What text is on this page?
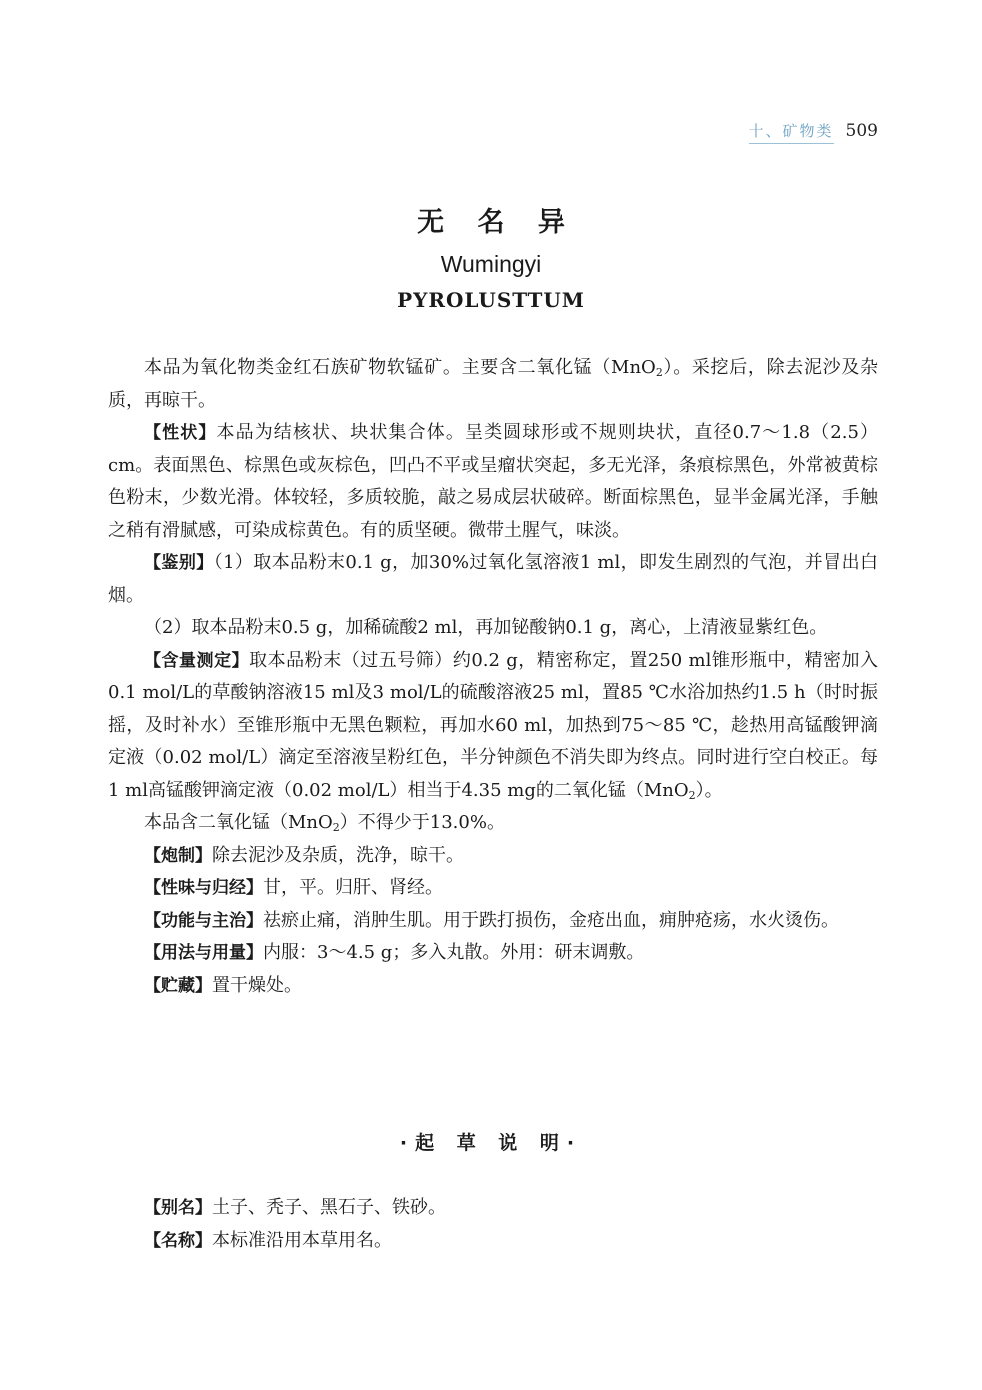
十、矿物类 509
无 名 异
Wumingyi
PYROLUSTTUM

本品为氧化物类金红石族矿物软锰矿。主要含二氧化锰（MnO$_2$）。采挖后，除去泥沙及杂质，再晾干。

【性状】本品为结核状、块状集合体。呈类圆球形或不规则块状，直径0.7～1.8（2.5）cm。表面黑色、棕黑色或灰棕色，凹凸不平或呈瘤状突起，多无光泽，条痕棕黑色，外常被黄棕色粉末，少数光滑。体较轻，多质较脆，敲之易成层状破碎。断面棕黑色，显半金属光泽，手触之稍有滑腻感，可染成棕黄色。有的质坚硬。微带土腥气，味淡。

【鉴别】（1）取本品粉末0.1 g，加30%过氧化氢溶液1 ml，即发生剧烈的气泡，并冒出白烟。

（2）取本品粉末0.5 g，加稀硫酸2 ml，再加铋酸钠0.1 g，离心，上清液显紫红色。

【含量测定】取本品粉末（过五号筛）约0.2 g，精密称定，置250 ml锥形瓶中，精密加入0.1 mol/L的草酸钠溶液15 ml及3 mol/L的硫酸溶液25 ml，置85 ℃水浴加热约1.5 h（时时振摇，及时补水）至锥形瓶中无黑色颗粒，再加水60 ml，加热到75～85 ℃，趁热用高锰酸钾滴定液（0.02 mol/L）滴定至溶液呈粉红色，半分钟颜色不消失即为终点。同时进行空白校正。每1 ml高锰酸钾滴定液（0.02 mol/L）相当于4.35 mg的二氧化锰（MnO$_2$）。

本品含二氧化锰（MnO$_2$）不得少于13.0%。

【炮制】除去泥沙及杂质，洗净，晾干。

【性味与归经】甘，平。归肝、肾经。

【功能与主治】祛瘀止痛，消肿生肌。用于跌打损伤，金疮出血，痈肿疮疡，水火烫伤。

【用法与用量】内服：3～4.5 g；多入丸散。外用：研末调敷。

【贮藏】置干燥处。

·起 草 说 明·

【别名】土子、秃子、黑石子、铁砂。

【名称】本标准沿用本草用名。
